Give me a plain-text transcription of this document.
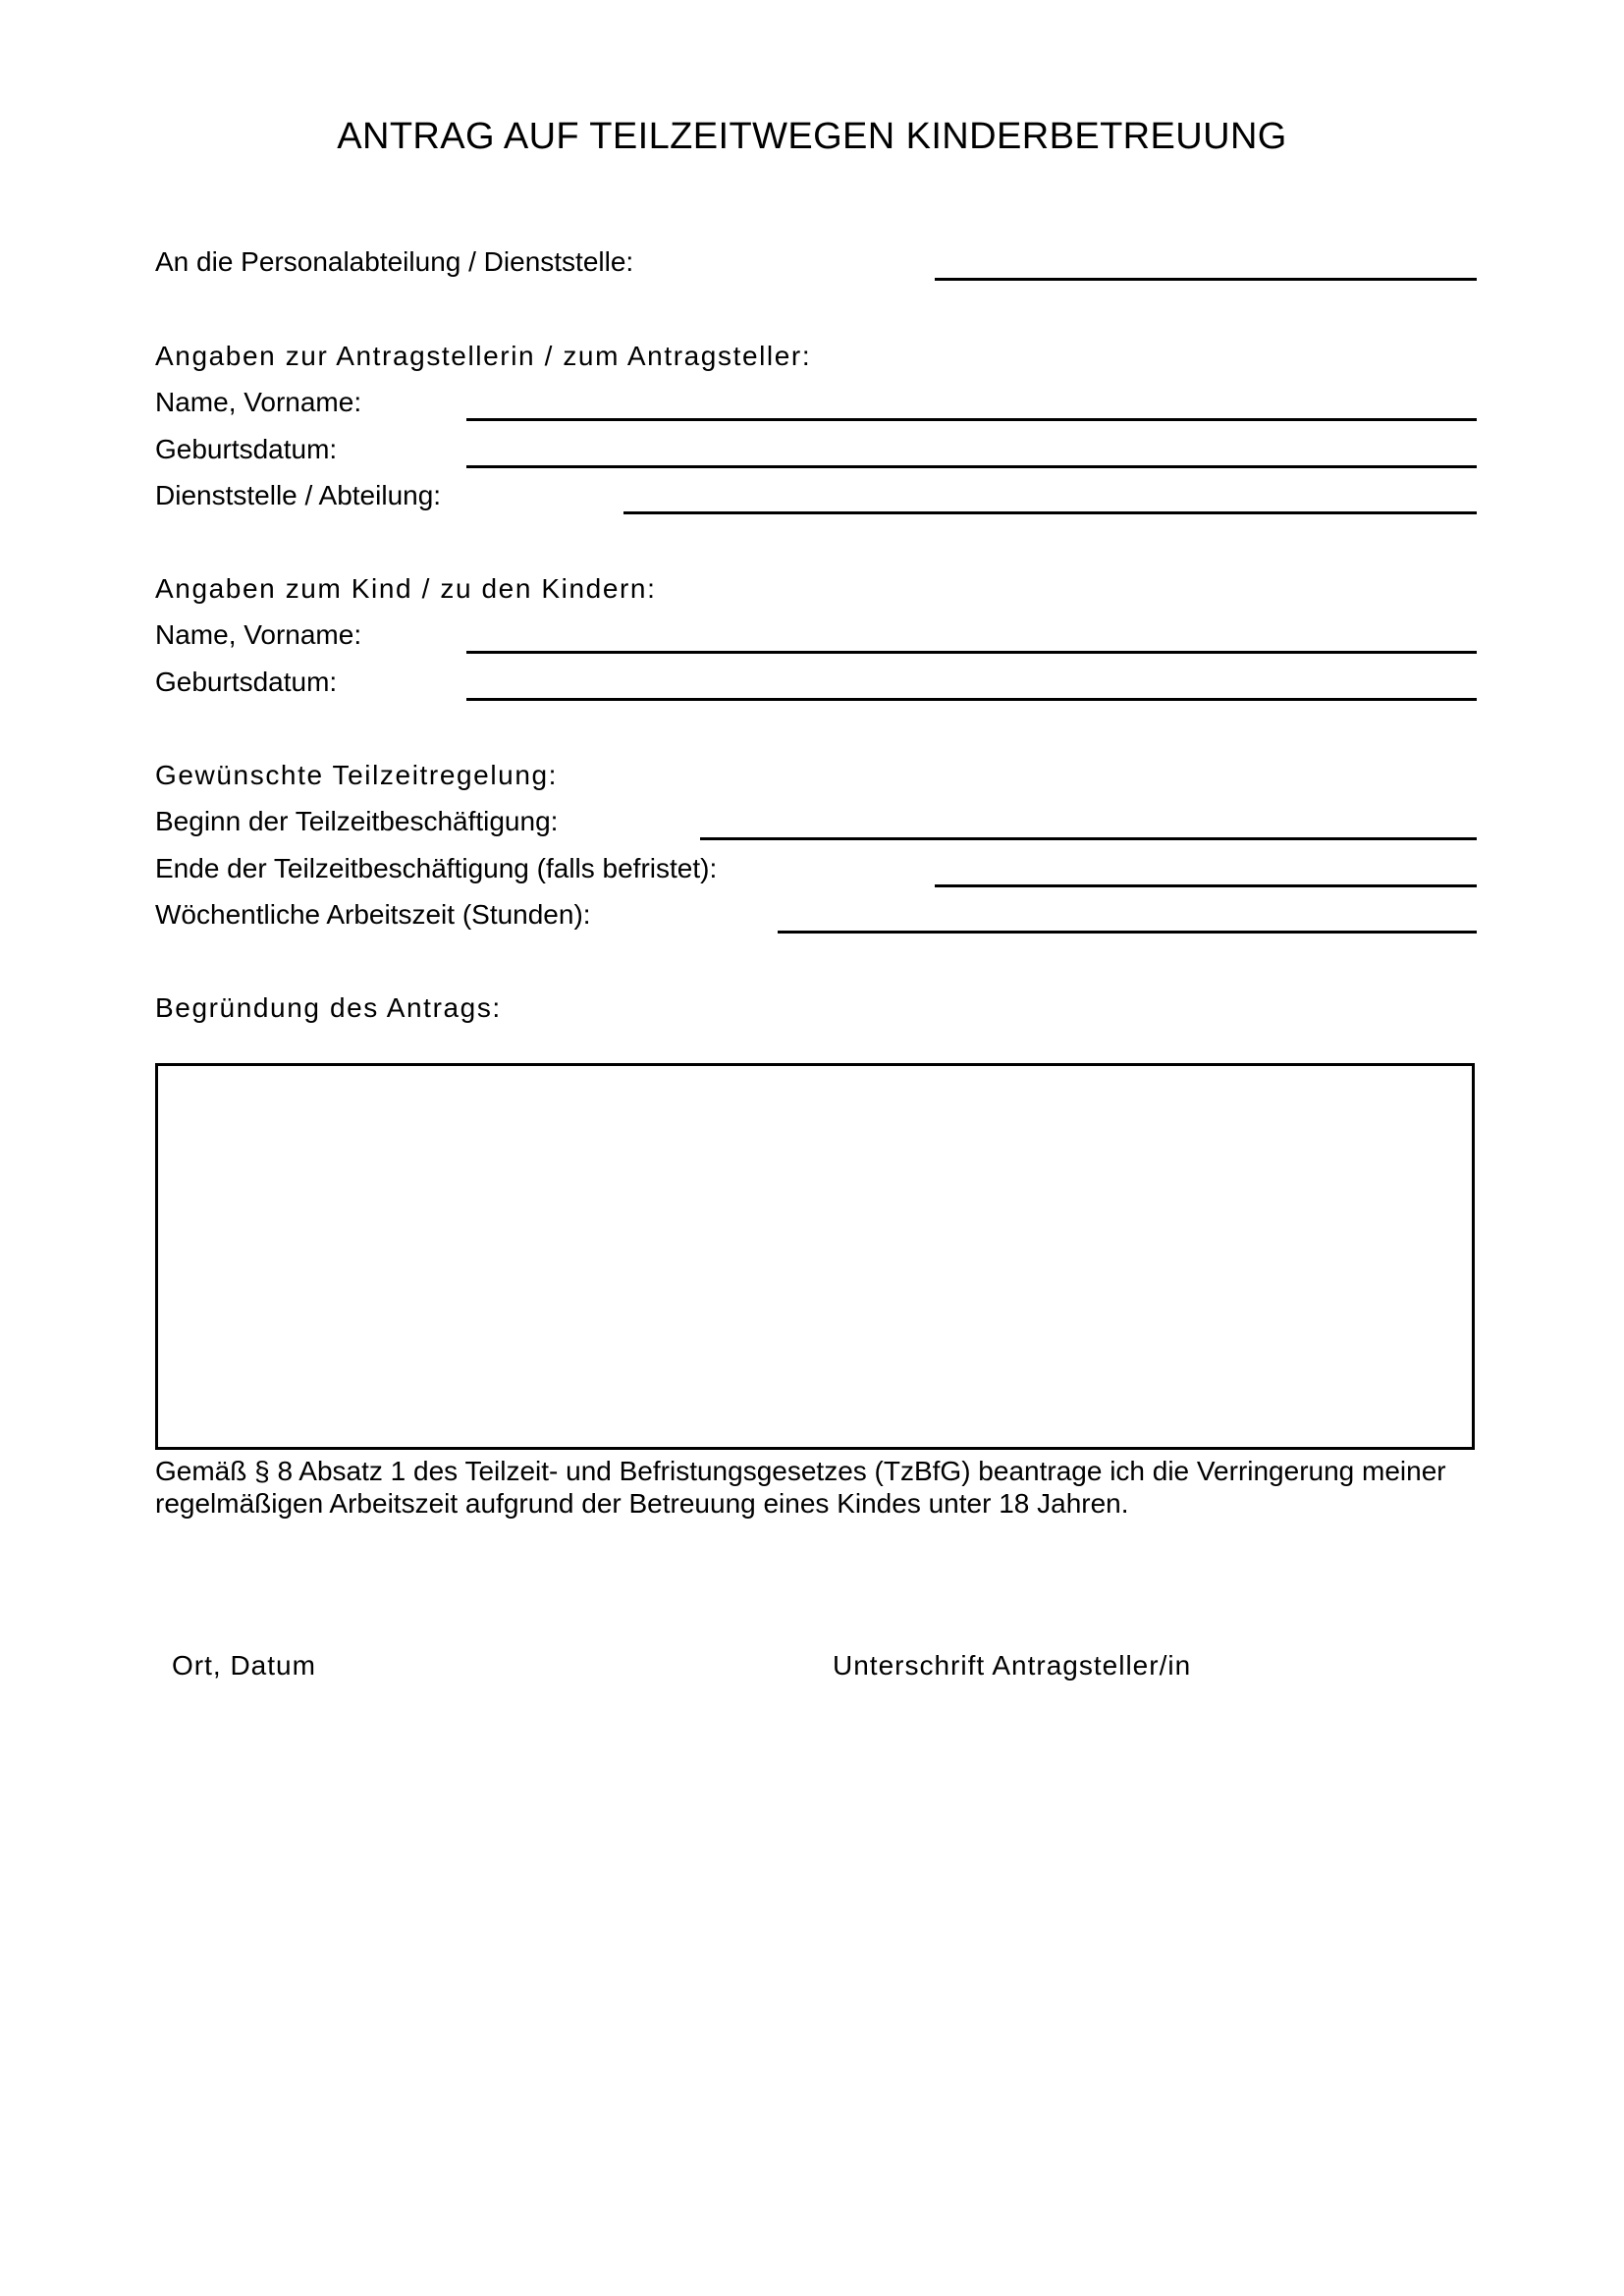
ANTRAG AUF TEILZEITWEGEN KINDERBETREUUNG
An die Personalabteilung / Dienststelle:
Angaben zur Antragstellerin / zum Antragsteller:
Name, Vorname:
Geburtsdatum:
Dienststelle / Abteilung:
Angaben zum Kind / zu den Kindern:
Name, Vorname:
Geburtsdatum:
Gewünschte Teilzeitregelung:
Beginn der Teilzeitbeschäftigung:
Ende der Teilzeitbeschäftigung (falls befristet):
Wöchentliche Arbeitszeit (Stunden):
Begründung des Antrags:
Gemäß § 8 Absatz 1 des Teilzeit- und Befristungsgesetzes (TzBfG) beantrage ich die Verringerung meiner regelmäßigen Arbeitszeit aufgrund der Betreuung eines Kindes unter 18 Jahren.
Ort, Datum	Unterschrift Antragsteller/in
